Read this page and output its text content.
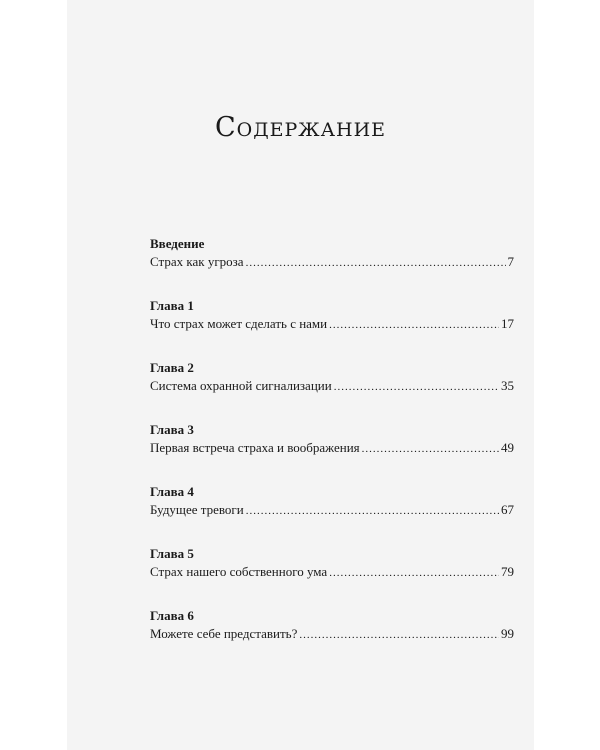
Содержание
Введение
Страх как угроза .....	7
Глава 1
Что страх может сделать с нами .....	17
Глава 2
Система охранной сигнализации .....	35
Глава 3
Первая встреча страха и воображения .....	49
Глава 4
Будущее тревоги .....	67
Глава 5
Страх нашего собственного ума .....	79
Глава 6
Можете себе представить? .....	99
